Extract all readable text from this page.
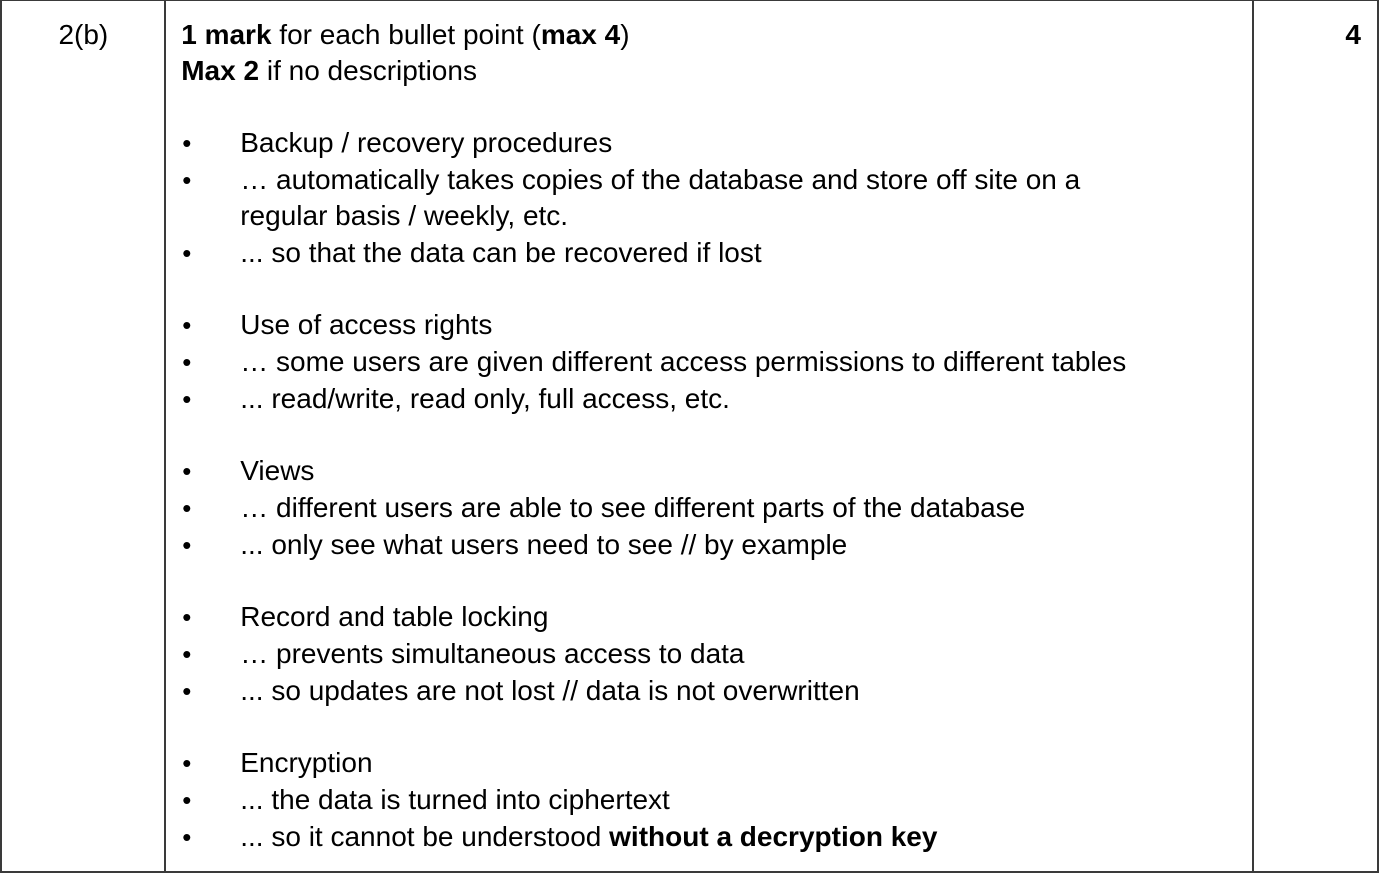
2(b)	1 mark for each bullet point (max 4)

Max 2 if no descriptions

•	Backup / recovery procedures
•	… automatically takes copies of the database and store off site on a
regular basis / weekly, etc.
•	... so that the data can be recovered if lost
•	Use of access rights
•	… some users are given different access permissions to different tables
•	... read/write, read only, full access, etc.
•	Views
•	… different users are able to see different parts of the database
•	... only see what users need to see // by example
•	Record and table locking
•	… prevents simultaneous access to data
•	... so updates are not lost // data is not overwritten
•	Encryption
•	... the data is turned into ciphertext
•	... so it cannot be understood without a decryption key
	4
